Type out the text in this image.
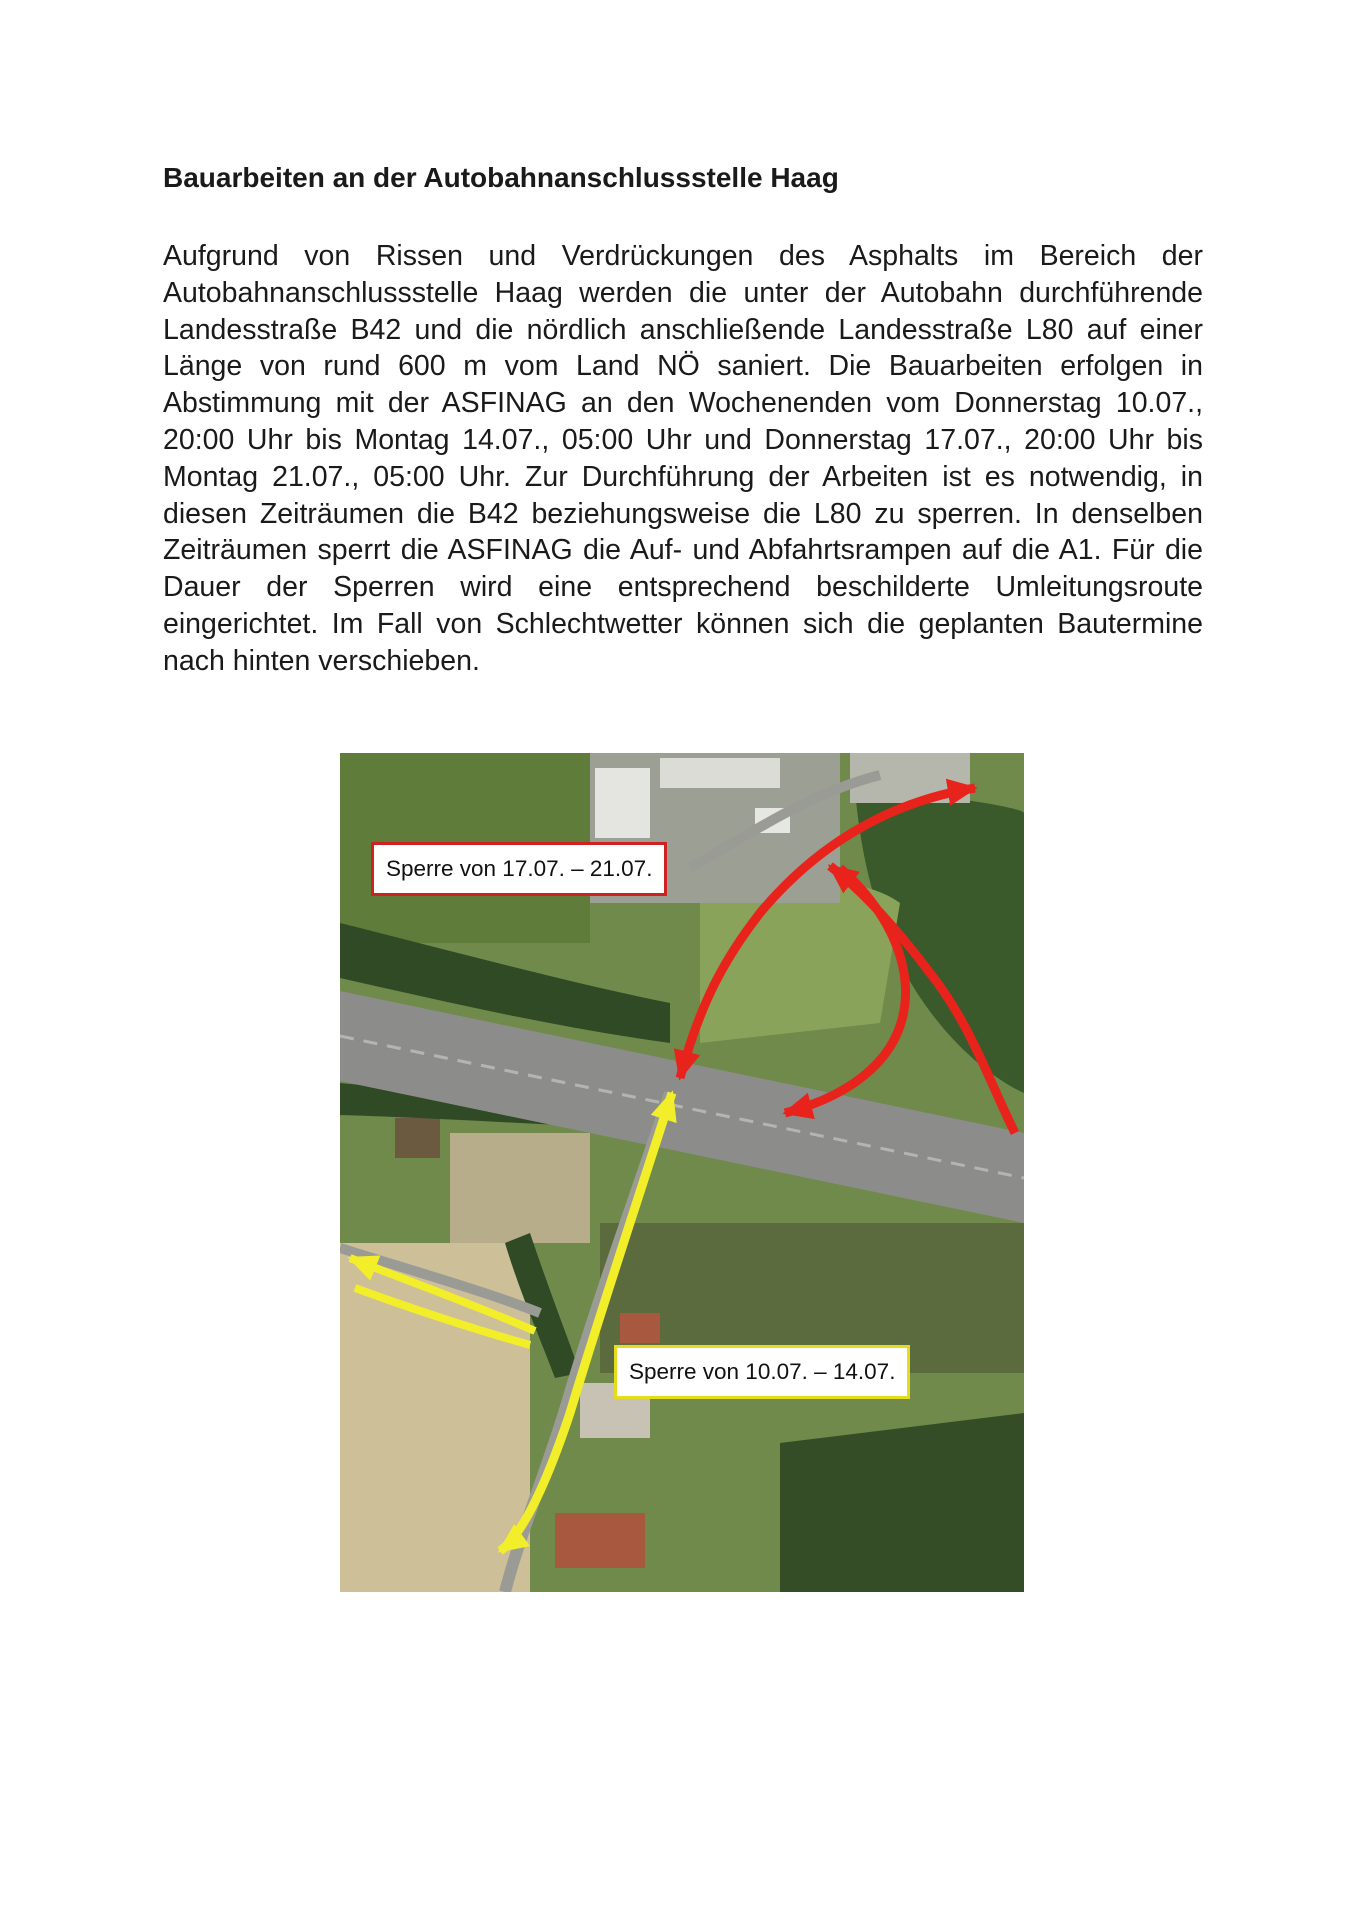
Bauarbeiten an der Autobahnanschlussstelle Haag

Aufgrund von Rissen und Verdrückungen des Asphalts im Bereich der Autobahnanschlussstelle Haag werden die unter der Autobahn durchführende Landesstraße B42 und die nördlich anschließende Landesstraße L80 auf einer Länge von rund 600 m vom Land NÖ saniert. Die Bauarbeiten erfolgen in Abstimmung mit der ASFINAG an den Wochenenden vom Donnerstag 10.07., 20:00 Uhr bis Montag 14.07., 05:00 Uhr und Donnerstag 17.07., 20:00 Uhr bis Montag 21.07., 05:00 Uhr. Zur Durchführung der Arbeiten ist es notwendig, in diesen Zeiträumen die B42 beziehungsweise die L80 zu sperren. In denselben Zeiträumen sperrt die ASFINAG die Auf- und Abfahrtsrampen auf die A1. Für die Dauer der Sperren wird eine entsprechend beschilderte Umleitungsroute eingerichtet. Im Fall von Schlechtwetter können sich die geplanten Bautermine nach hinten verschieben.

Sperre von 17.07. – 21.07.
Sperre von 10.07. – 14.07.
